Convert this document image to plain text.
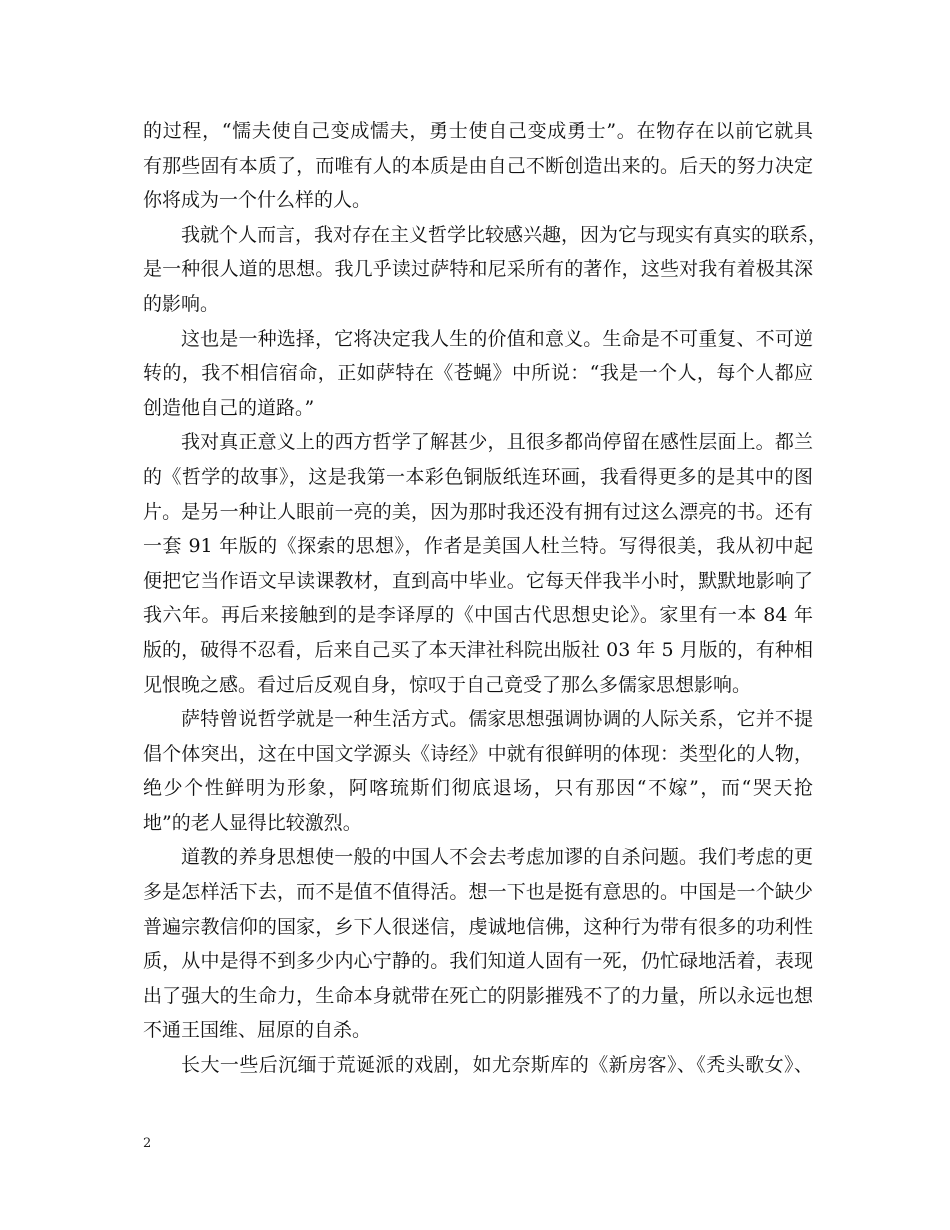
的过程，“懦夫使自己变成懦夫，勇士使自己变成勇士”。在物存在以前它就具
有那些固有本质了，而唯有人的本质是由自己不断创造出来的。后天的努力决定
你将成为一个什么样的人。
我就个人而言，我对存在主义哲学比较感兴趣，因为它与现实有真实的联系，
是一种很人道的思想。我几乎读过萨特和尼采所有的著作，这些对我有着极其深
的影响。
这也是一种选择，它将决定我人生的价值和意义。生命是不可重复、不可逆
转的，我不相信宿命，正如萨特在《苍蝇》中所说：“我是一个人，每个人都应
创造他自己的道路。”
我对真正意义上的西方哲学了解甚少，且很多都尚停留在感性层面上。都兰
的《哲学的故事》，这是我第一本彩色铜版纸连环画，我看得更多的是其中的图
片。是另一种让人眼前一亮的美，因为那时我还没有拥有过这么漂亮的书。还有
一套 91 年版的《探索的思想》，作者是美国人杜兰特。写得很美，我从初中起
便把它当作语文早读课教材，直到高中毕业。它每天伴我半小时，默默地影响了
我六年。再后来接触到的是李译厚的《中国古代思想史论》。家里有一本 84 年
版的，破得不忍看，后来自己买了本天津社科院出版社 03 年 5 月版的，有种相
见恨晚之感。看过后反观自身，惊叹于自己竟受了那么多儒家思想影响。
萨特曾说哲学就是一种生活方式。儒家思想强调协调的人际关系，它并不提
倡个体突出，这在中国文学源头《诗经》中就有很鲜明的体现：类型化的人物，
绝少个性鲜明为形象，阿喀琉斯们彻底退场，只有那因“不嫁”，而“哭天抢
地”的老人显得比较激烈。
道教的养身思想使一般的中国人不会去考虑加谬的自杀问题。我们考虑的更
多是怎样活下去，而不是值不值得活。想一下也是挺有意思的。中国是一个缺少
普遍宗教信仰的国家，乡下人很迷信，虔诚地信佛，这种行为带有很多的功利性
质，从中是得不到多少内心宁静的。我们知道人固有一死，仍忙碌地活着，表现
出了强大的生命力，生命本身就带在死亡的阴影摧残不了的力量，所以永远也想
不通王国维、屈原的自杀。
长大一些后沉缅于荒诞派的戏剧，如尤奈斯库的《新房客》、《秃头歌女》、
2
